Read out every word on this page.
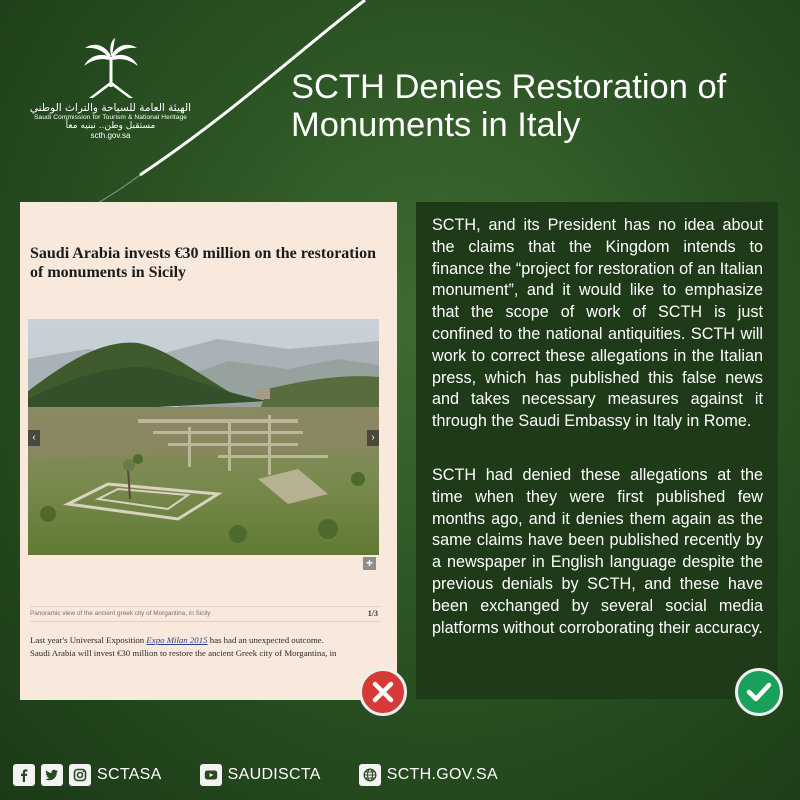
الهيئة العامة للسياحة والتراث الوطني
Saudi Commission for Tourism & National Heritage
مستقبل وطن.. نبنيه معاً
scth.gov.sa
SCTH Denies Restoration of Monuments in Italy
Saudi Arabia invests €30 million on the restoration of monuments in Sicily
‹	›
+
Panoramic view of the ancient greek city of Morgantina, in Sicily	1/3
Last year's Universal Exposition Expo Milan 2015 has had an unexpected outcome.
Saudi Arabia will invest €30 million to restore the ancient Greek city of Morgantina, in

SCTH, and its President has no idea about the claims that the Kingdom intends to finance the “project for restoration of an Italian monument”, and it would like to emphasize that the scope of work of SCTH is just confined to the national antiquities. SCTH will work to correct these allegations in the Italian press, which has published this false news and takes necessary measures against it through the Saudi Embassy in Italy in Rome.

SCTH had denied these allegations at the time when they were first published few months ago, and it denies them again as the same claims have been published recently by a newspaper in English language despite the previous denials by SCTH, and these have been exchanged by several social media platforms without corroborating their accuracy.

SCTASA	SAUDISCTA	SCTH.GOV.SA
